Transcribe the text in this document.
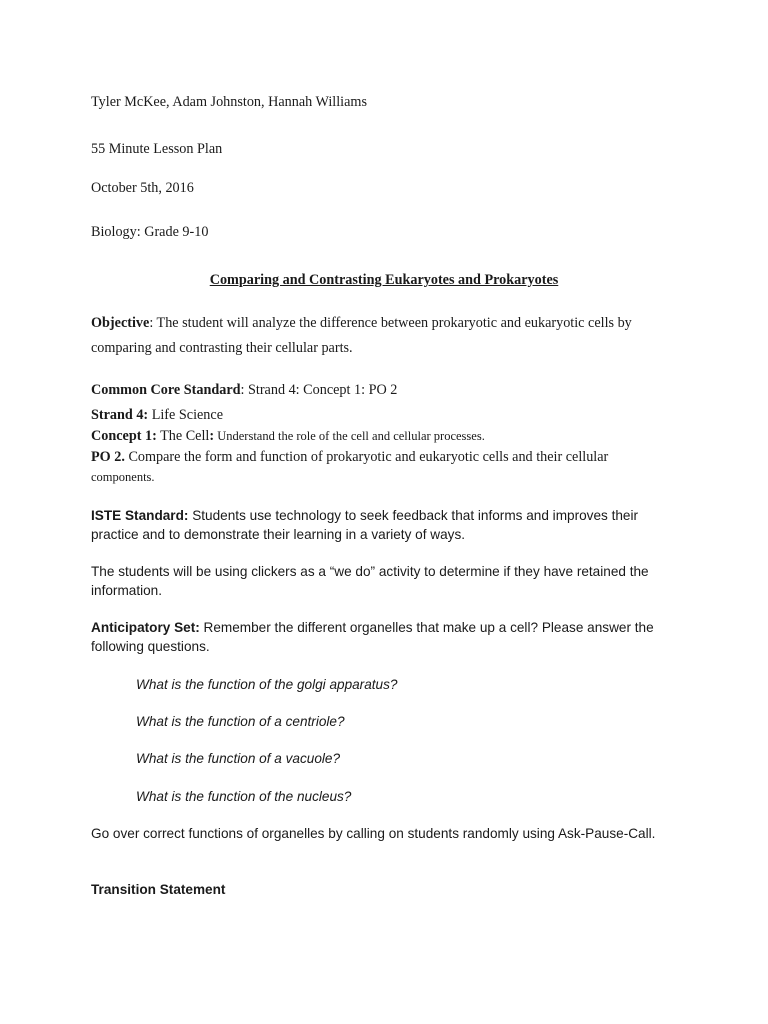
Tyler McKee, Adam Johnston, Hannah Williams
55 Minute Lesson Plan
October 5th, 2016
Biology: Grade 9-10
Comparing and Contrasting Eukaryotes and Prokaryotes
Objective: The student will analyze the difference between prokaryotic and eukaryotic cells by
comparing and contrasting their cellular parts.
Common Core Standard: Strand 4: Concept 1: PO 2
Strand 4: Life Science
Concept 1: The Cell: Understand the role of the cell and cellular processes.
PO 2. Compare the form and function of prokaryotic and eukaryotic cells and their cellular
components.
ISTE Standard: Students use technology to seek feedback that informs and improves their
practice and to demonstrate their learning in a variety of ways.
The students will be using clickers as a “we do” activity to determine if they have retained the
information.
Anticipatory Set: Remember the different organelles that make up a cell? Please answer the
following questions.
What is the function of the golgi apparatus?
What is the function of a centriole?
What is the function of a vacuole?
What is the function of the nucleus?
Go over correct functions of organelles by calling on students randomly using Ask-Pause-Call.
Transition Statement
